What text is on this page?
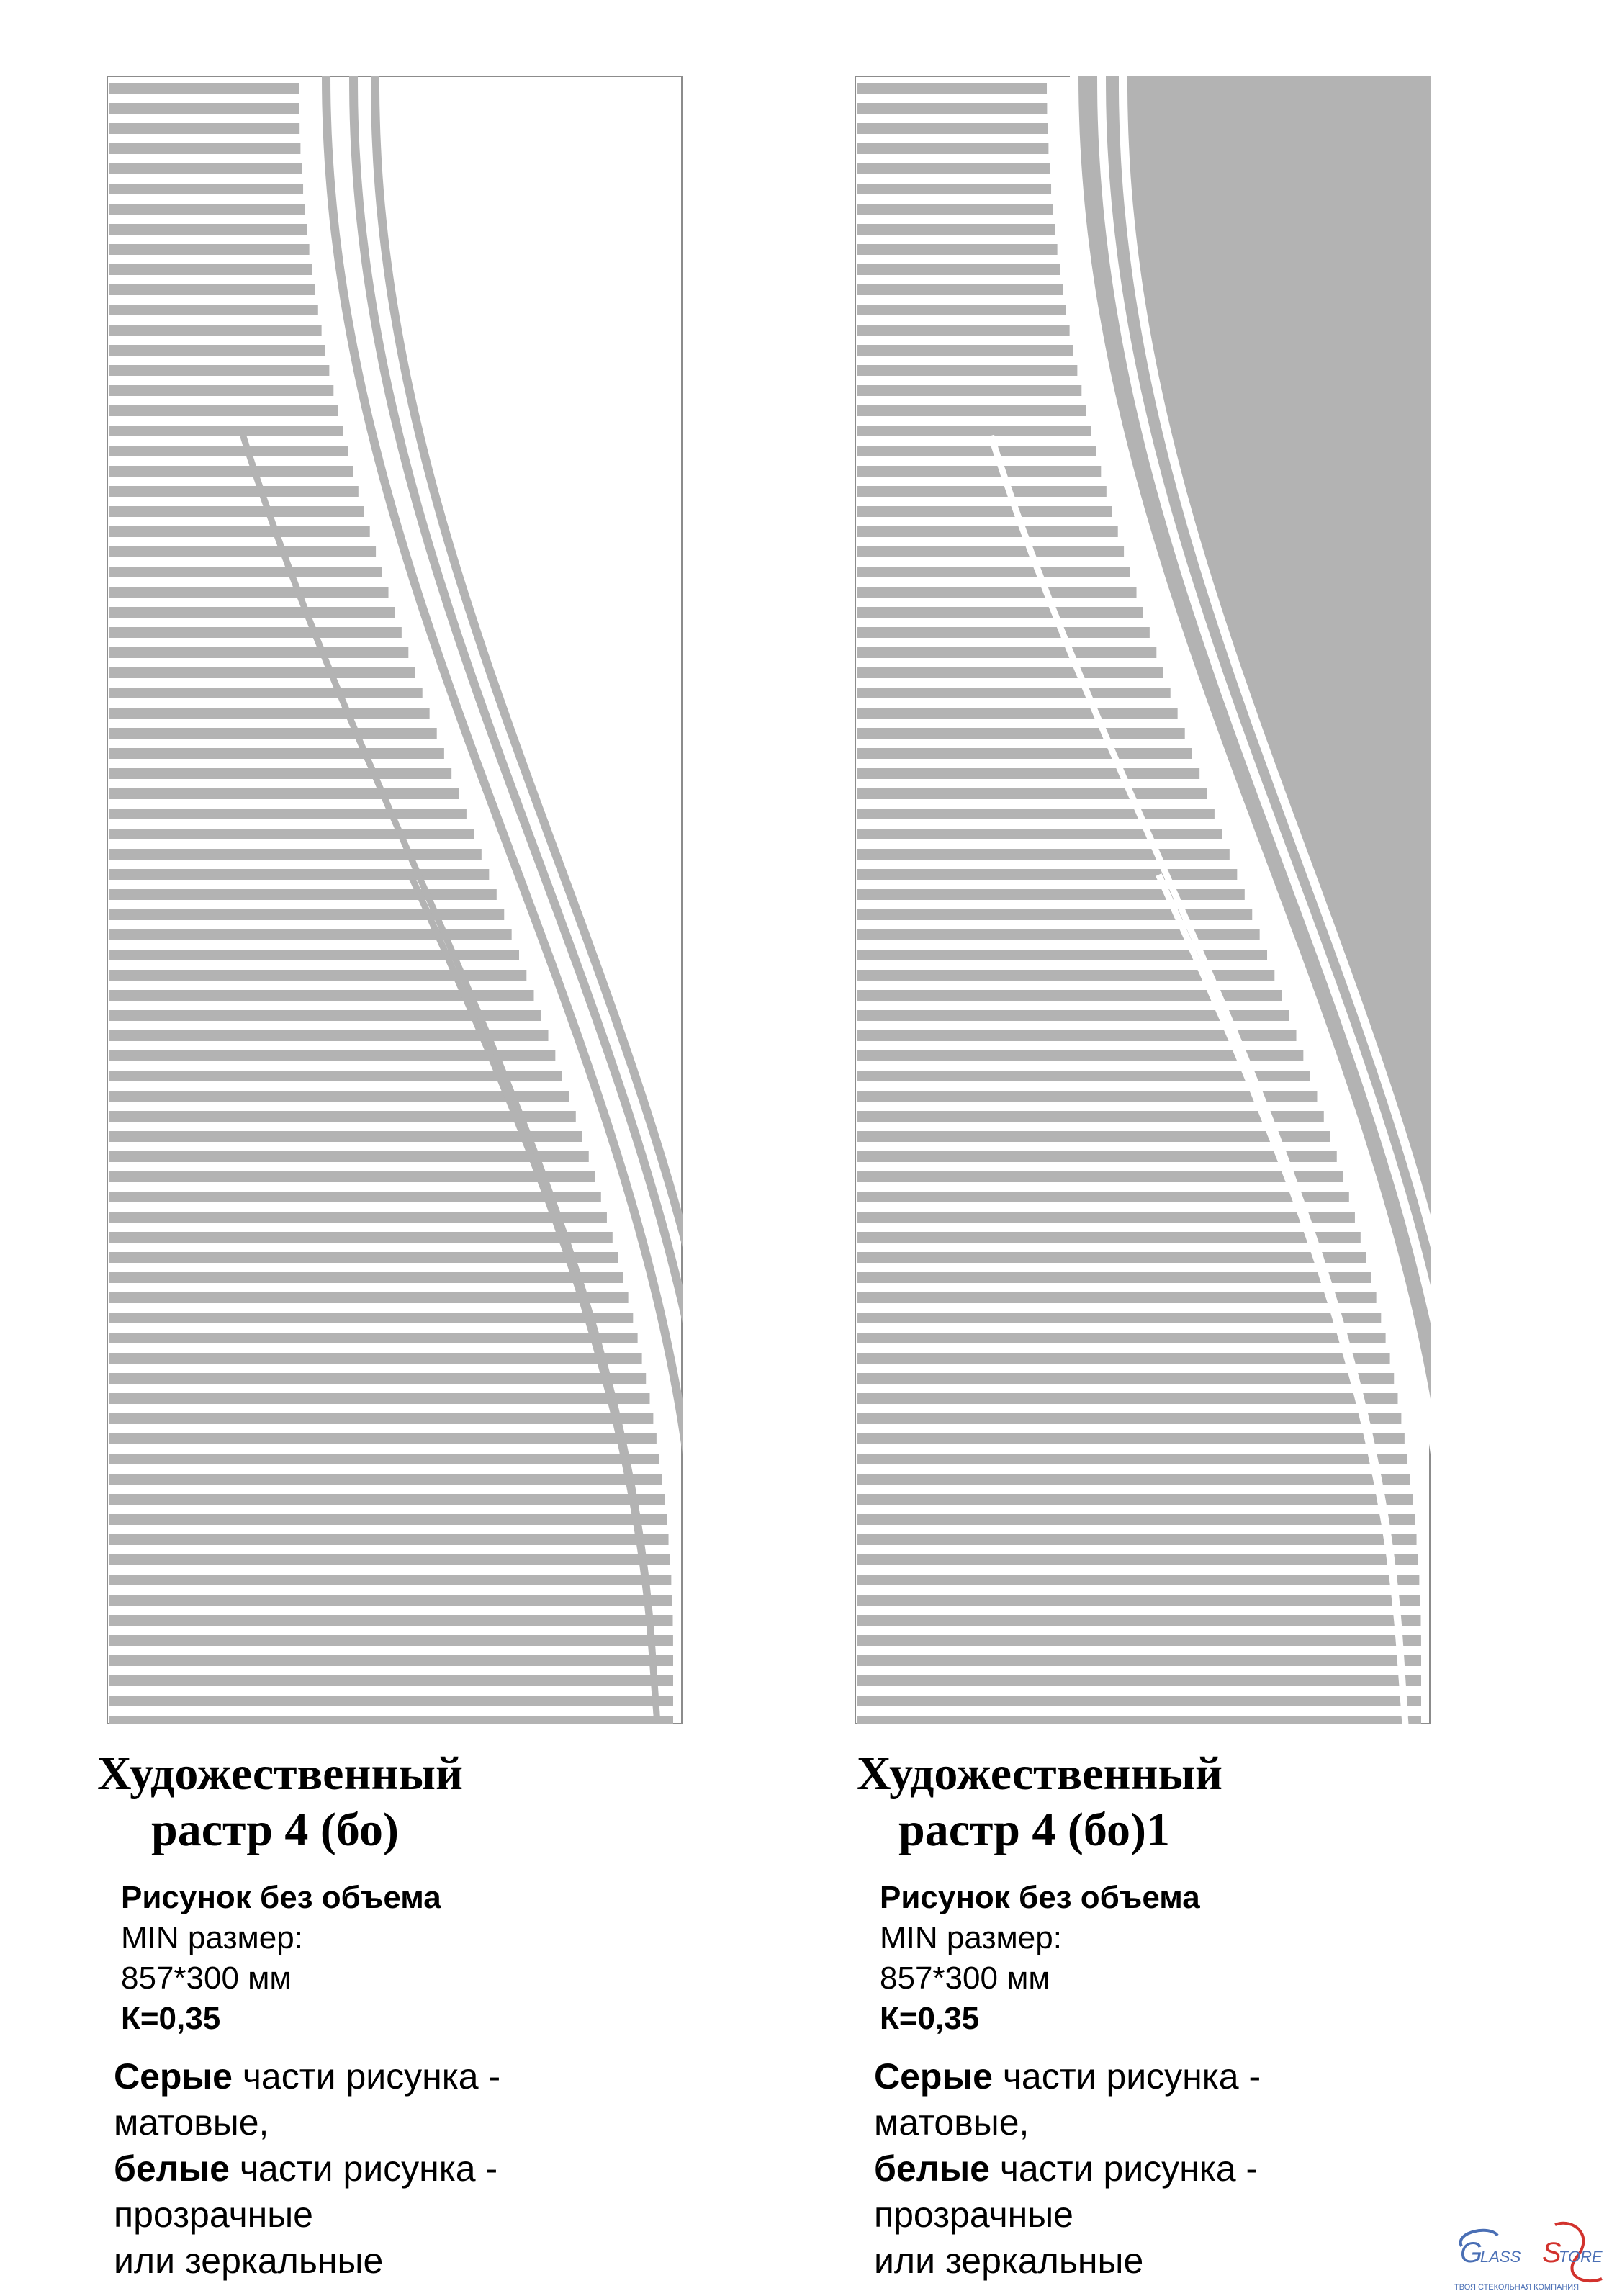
Художественный
растр 4 (бо)
Рисунок без объема
MIN размер:
857*300 мм
К=0,35
Серые части рисунка -
матовые,
белые части рисунка -
прозрачные
или зеркальные
Художественный
растр 4 (бо)1
Рисунок без объема
MIN размер:
857*300 мм
К=0,35
Серые части рисунка -
матовые,
белые части рисунка -
прозрачные
или зеркальные	G
LASS S
TORE
ТВОЯ СТЕКОЛЬНАЯ КОМПАНИЯ
